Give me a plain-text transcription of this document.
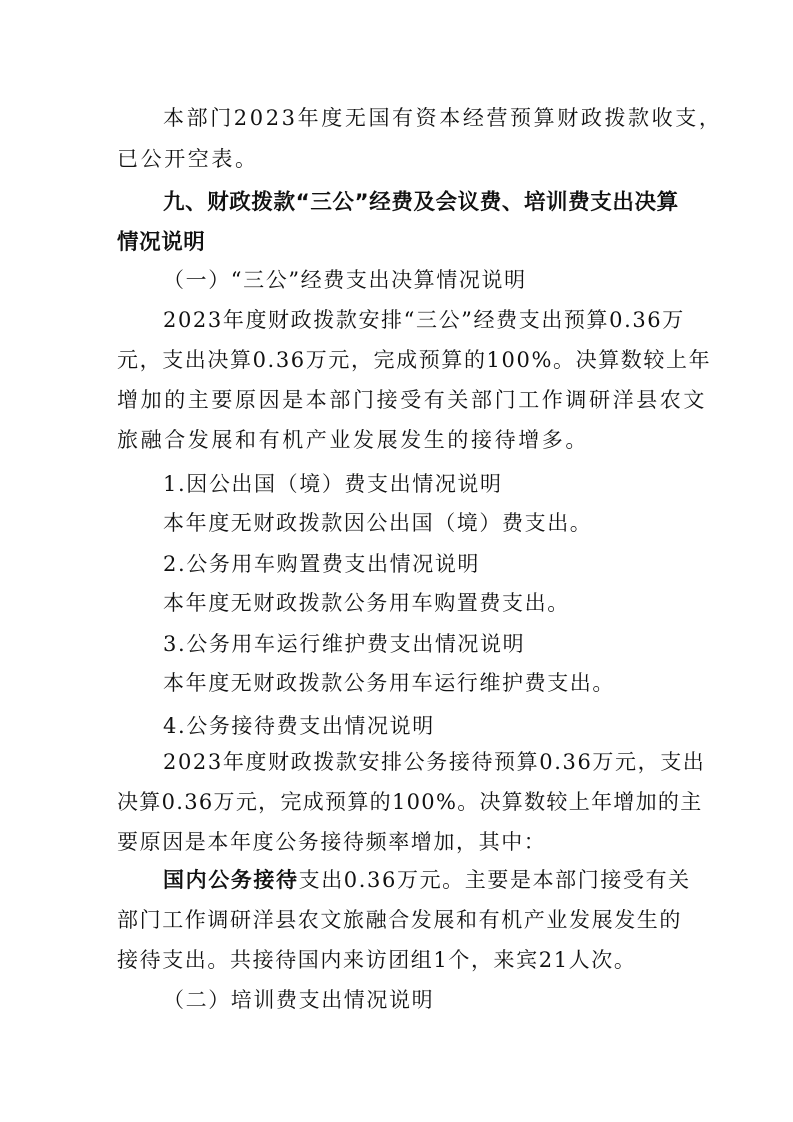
本部门2023年度无国有资本经营预算财政拨款收支，
已公开空表。
九、财政拨款“三公”经费及会议费、培训费支出决算
情况说明
（一）“三公”经费支出决算情况说明
2023年度财政拨款安排“三公”经费支出预算0.36万
元，支出决算0.36万元，完成预算的100%。决算数较上年
增加的主要原因是本部门接受有关部门工作调研洋县农文
旅融合发展和有机产业发展发生的接待增多。
1.因公出国（境）费支出情况说明
本年度无财政拨款因公出国（境）费支出。
2.公务用车购置费支出情况说明
本年度无财政拨款公务用车购置费支出。
3.公务用车运行维护费支出情况说明
本年度无财政拨款公务用车运行维护费支出。
4.公务接待费支出情况说明
2023年度财政拨款安排公务接待预算0.36万元，支出
决算0.36万元，完成预算的100%。决算数较上年增加的主
要原因是本年度公务接待频率增加，其中：
国内公务接待支出0.36万元。主要是本部门接受有关
部门工作调研洋县农文旅融合发展和有机产业发展发生的
接待支出。共接待国内来访团组1个，来宾21人次。
（二）培训费支出情况说明
